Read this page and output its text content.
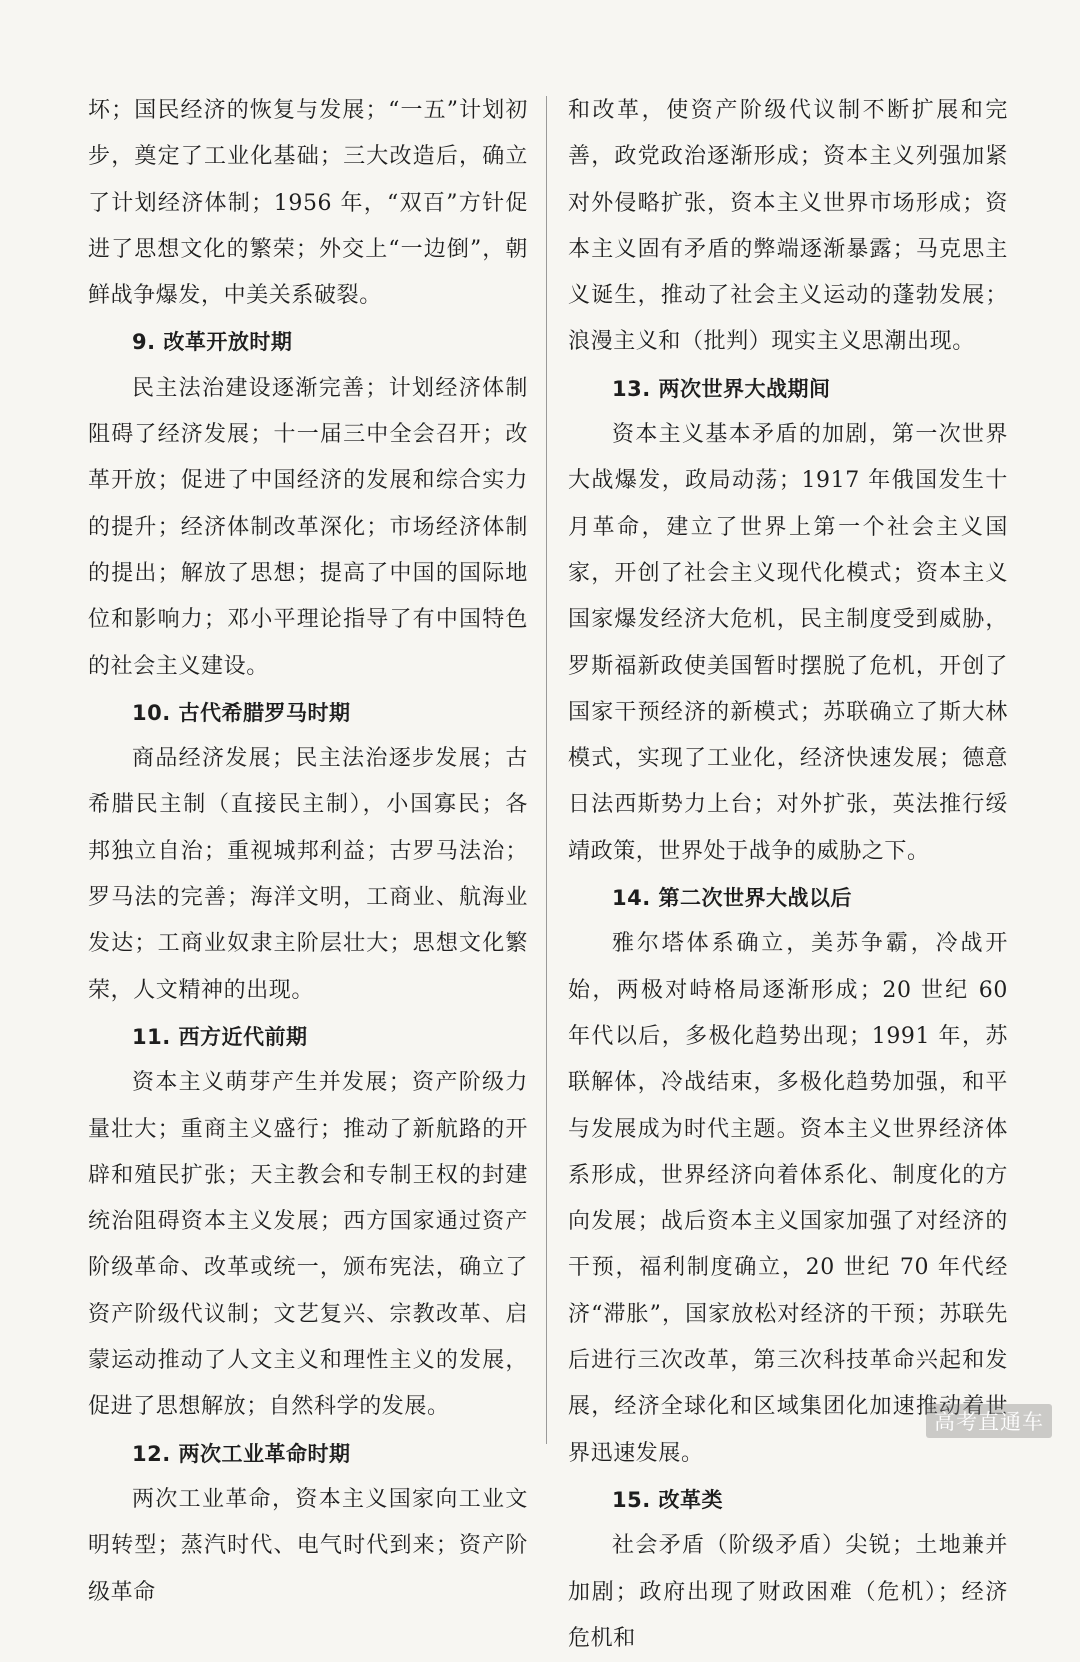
坏；国民经济的恢复与发展；“一五”计划初步，奠定了工业化基础；三大改造后，确立了计划经济体制；1956 年，“双百”方针促进了思想文化的繁荣；外交上“一边倒”，朝鲜战争爆发，中美关系破裂。

9. 改革开放时期

民主法治建设逐渐完善；计划经济体制阻碍了经济发展；十一届三中全会召开；改革开放；促进了中国经济的发展和综合实力的提升；经济体制改革深化；市场经济体制的提出；解放了思想；提高了中国的国际地位和影响力；邓小平理论指导了有中国特色的社会主义建设。

10. 古代希腊罗马时期

商品经济发展；民主法治逐步发展；古希腊民主制（直接民主制），小国寡民；各邦独立自治；重视城邦利益；古罗马法治；罗马法的完善；海洋文明，工商业、航海业发达；工商业奴隶主阶层壮大；思想文化繁荣，人文精神的出现。

11. 西方近代前期

资本主义萌芽产生并发展；资产阶级力量壮大；重商主义盛行；推动了新航路的开辟和殖民扩张；天主教会和专制王权的封建统治阻碍资本主义发展；西方国家通过资产阶级革命、改革或统一，颁布宪法，确立了资产阶级代议制；文艺复兴、宗教改革、启蒙运动推动了人文主义和理性主义的发展，促进了思想解放；自然科学的发展。

12. 两次工业革命时期

两次工业革命，资本主义国家向工业文明转型；蒸汽时代、电气时代到来；资产阶级革命

和改革，使资产阶级代议制不断扩展和完善，政党政治逐渐形成；资本主义列强加紧对外侵略扩张，资本主义世界市场形成；资本主义固有矛盾的弊端逐渐暴露；马克思主义诞生，推动了社会主义运动的蓬勃发展；浪漫主义和（批判）现实主义思潮出现。

13. 两次世界大战期间

资本主义基本矛盾的加剧，第一次世界大战爆发，政局动荡；1917 年俄国发生十月革命，建立了世界上第一个社会主义国家，开创了社会主义现代化模式；资本主义国家爆发经济大危机，民主制度受到威胁，罗斯福新政使美国暂时摆脱了危机，开创了国家干预经济的新模式；苏联确立了斯大林模式，实现了工业化，经济快速发展；德意日法西斯势力上台；对外扩张，英法推行绥靖政策，世界处于战争的威胁之下。

14. 第二次世界大战以后

雅尔塔体系确立，美苏争霸，冷战开始，两极对峙格局逐渐形成；20 世纪 60 年代以后，多极化趋势出现；1991 年，苏联解体，冷战结束，多极化趋势加强，和平与发展成为时代主题。资本主义世界经济体系形成，世界经济向着体系化、制度化的方向发展；战后资本主义国家加强了对经济的干预，福利制度确立，20 世纪 70 年代经济“滞胀”，国家放松对经济的干预；苏联先后进行三次改革，第三次科技革命兴起和发展，经济全球化和区域集团化加速推动着世界迅速发展。

15. 改革类

社会矛盾（阶级矛盾）尖锐；土地兼并加剧；政府出现了财政困难（危机）；经济危机和

高考直通车
